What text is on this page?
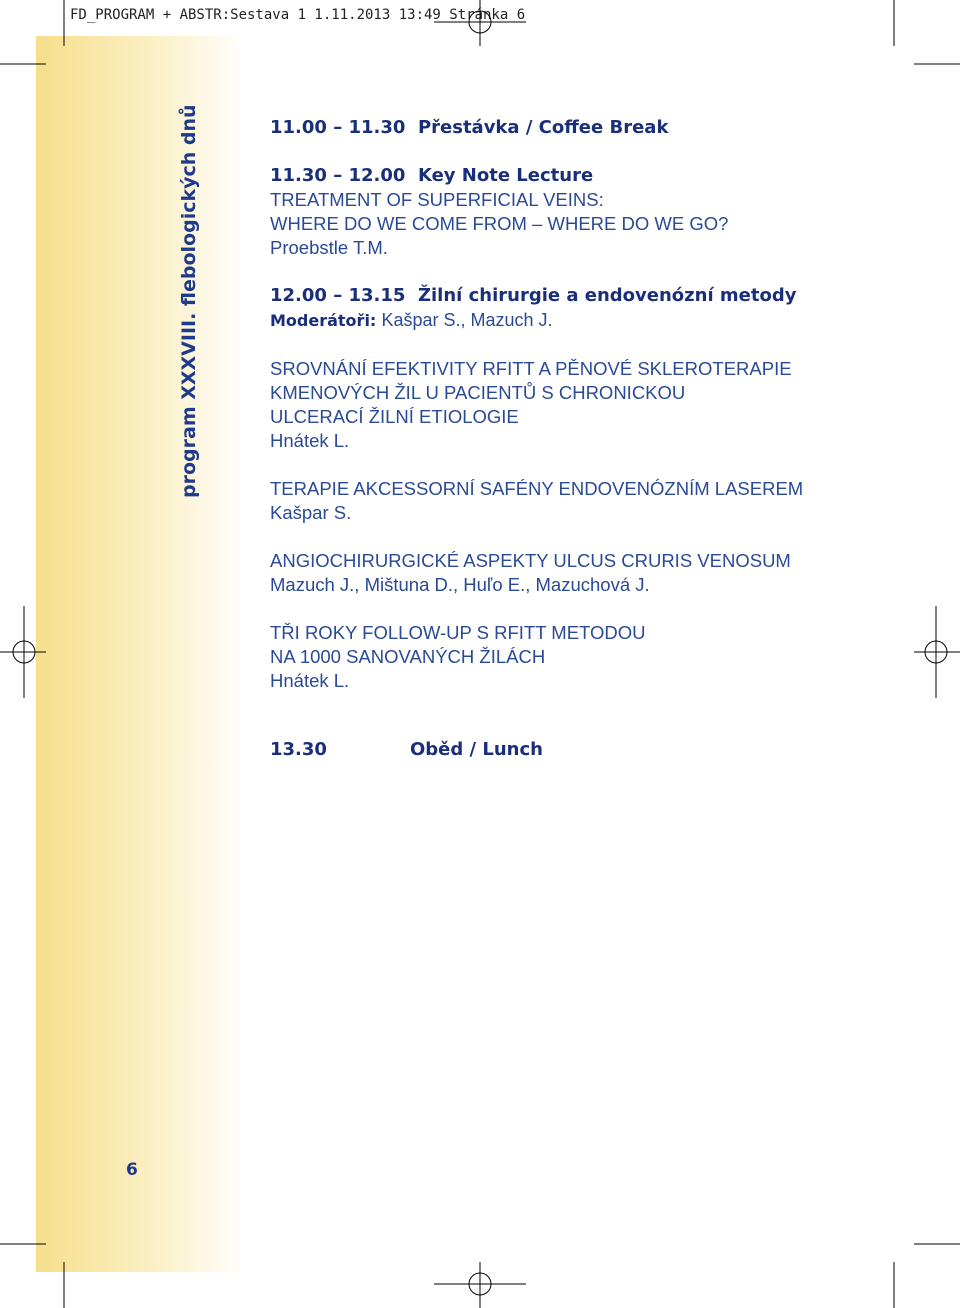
FD_PROGRAM + ABSTR:Sestava 1 1.11.2013 13:49 Stránka 6
program XXXVIII. flebologických dnů
6
11.00 – 11.30 Přestávka / Coffee Break
11.30 – 12.00 Key Note Lecture
TREATMENT OF SUPERFICIAL VEINS:
WHERE DO WE COME FROM – WHERE DO WE GO?
Proebstle T.M.
12.00 – 13.15 Žilní chirurgie a endovenózní metody
Moderátoři: Kašpar S., Mazuch J.
SROVNÁNÍ EFEKTIVITY RFITT A PĚNOVÉ SKLEROTERAPIE
KMENOVÝCH ŽIL U PACIENTŮ S CHRONICKOU
ULCERACÍ ŽILNÍ ETIOLOGIE
Hnátek L.
TERAPIE AKCESSORNÍ SAFÉNY ENDOVENÓZNÍM LASEREM
Kašpar S.
ANGIOCHIRURGICKÉ ASPEKTY ULCUS CRURIS VENOSUM
Mazuch J., Mištuna D., Huľo E., Mazuchová J.
TŘI ROKY FOLLOW-UP S RFITT METODOU
NA 1000 SANOVANÝCH ŽILÁCH
Hnátek L.
13.30	Oběd / Lunch
